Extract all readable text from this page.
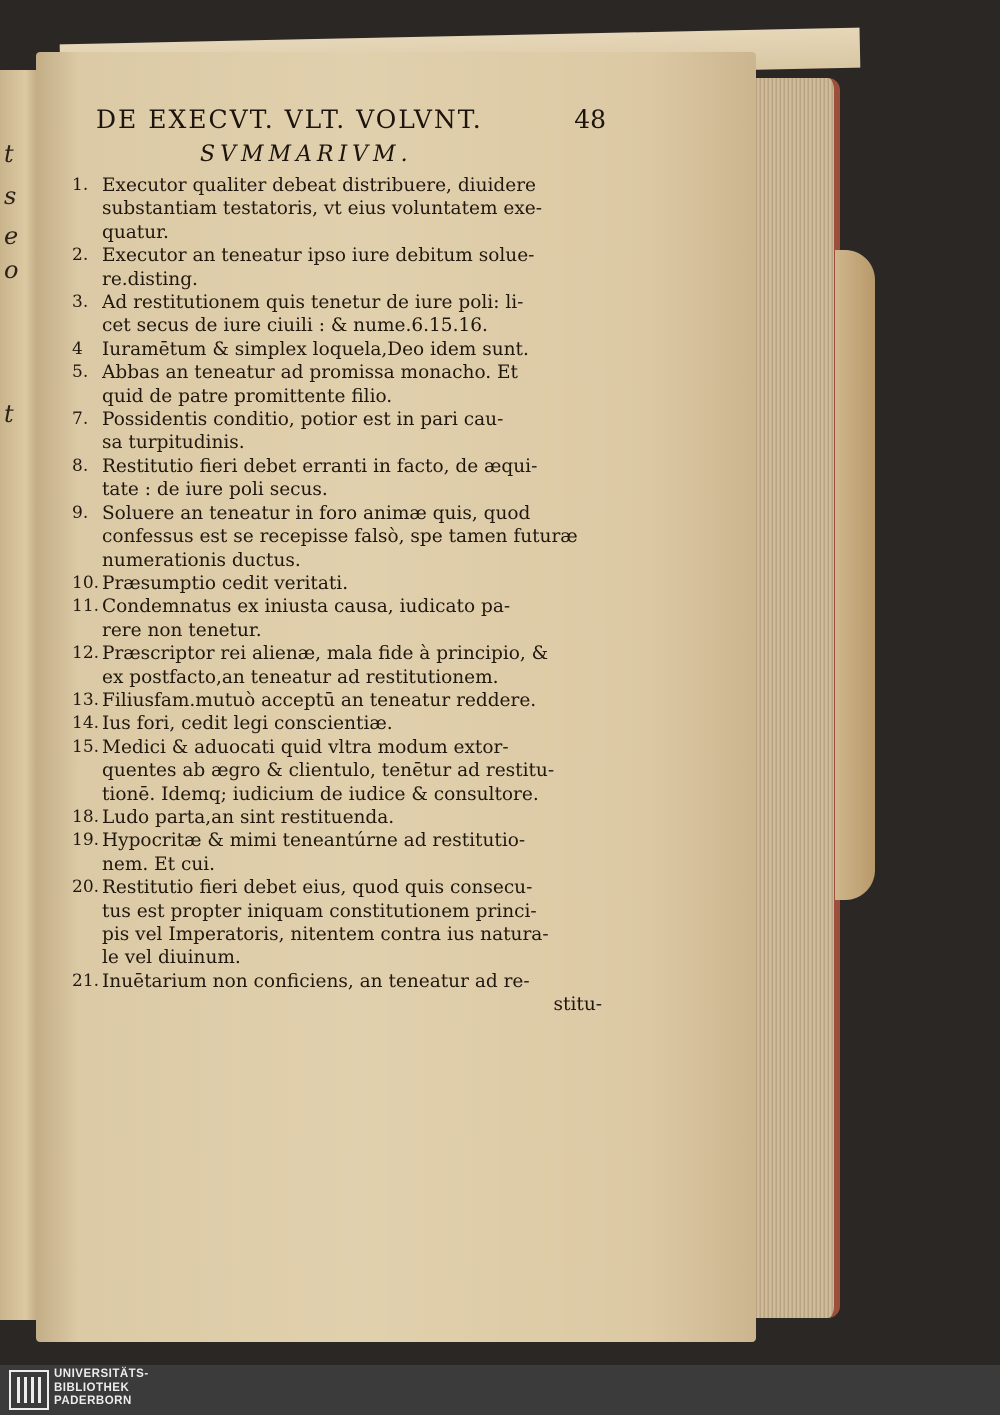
t
s
e
o
t
DE EXECVT. VLT. VOLVNT.	48
SVMMARIVM.
1. Executor qualiter debeat distribuere, diuidere
substantiam testatoris, vt eius voluntatem exe-
quatur.
2. Executor an teneatur ipso iure debitum solue-
re.disting.
3. Ad restitutionem quis tenetur de iure poli: li-
cet secus de iure ciuili : & nume.6.15.16.
4	Iuramētum & simplex loquela,Deo idem sunt.
5. Abbas an teneatur ad promissa monacho. Et
quid de patre promittente filio.
7. Possidentis conditio, potior est in pari cau-
sa turpitudinis.
8. Restitutio fieri debet erranti in facto, de æqui-
tate : de iure poli secus.
9. Soluere an teneatur in foro animæ quis, quod
confessus est se recepisse falsò, spe tamen futuræ
numerationis ductus.
10. Præsumptio cedit veritati.
11. Condemnatus ex iniusta causa, iudicato pa-
rere non tenetur.
12. Præscriptor rei alienæ, mala fide à principio, &
ex postfacto,an teneatur ad restitutionem.
13. Filiusfam.mutuò acceptū an teneatur reddere.
14. Ius fori, cedit legi conscientiæ.
15. Medici & aduocati quid vltra modum extor-
quentes ab ægro & clientulo, tenētur ad restitu-
tionē. Idemq; iudicium de iudice & consultore.
18. Ludo parta,an sint restituenda.
19. Hypocritæ & mimi teneantúrne ad restitutio-
nem. Et cui.
20. Restitutio fieri debet eius, quod quis consecu-
tus est propter iniquam constitutionem princi-
pis vel Imperatoris, nitentem contra ius natura-
le vel diuinum.
21. Inuētarium non conficiens, an teneatur ad re-
stitu-
UNIVERSITÄTS-
BIBLIOTHEK
PADERBORN
